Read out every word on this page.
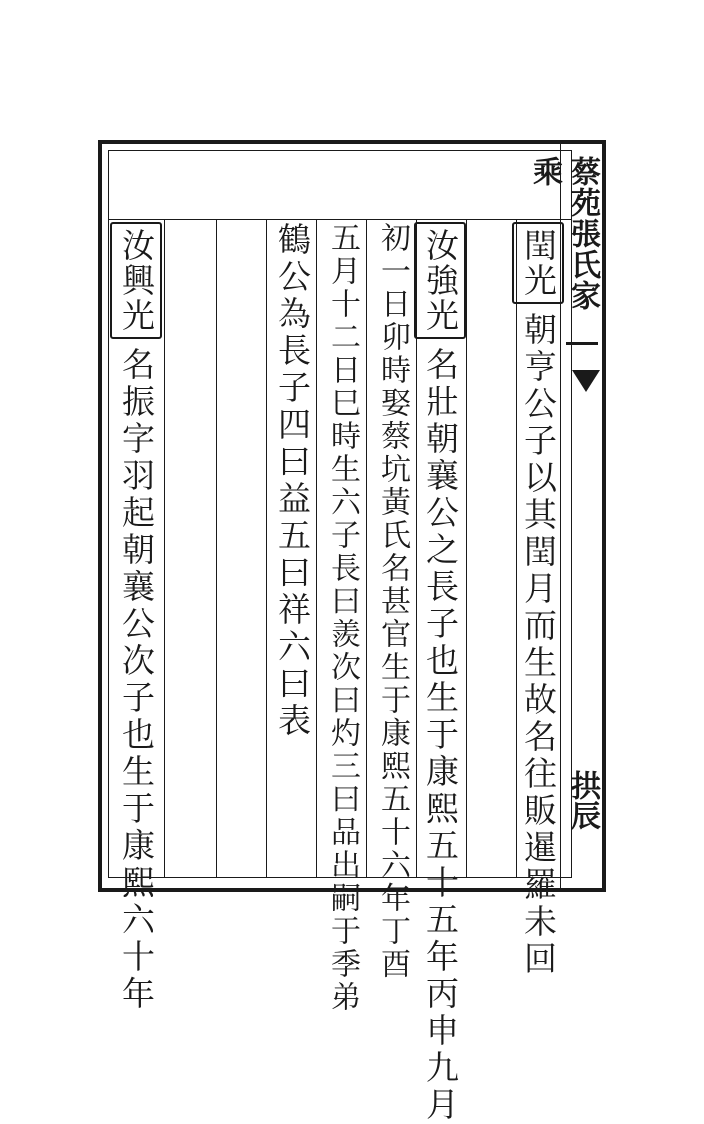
蔡苑張氏家乘
拱辰
閏光朝亨公子以其閏月而生故名往販暹羅未回
汝強光名壯朝襄公之長子也生于康熙五十五年丙申九月
初一日卯時娶蔡坑黃氏名甚官生于康熙五十六年丁酉
五月十二日巳時生六子長曰羨次曰灼三曰品出嗣于季弟
鶴公為長子四曰益五曰祥六曰表
汝興光名振字羽起朝襄公次子也生于康熙六十年
